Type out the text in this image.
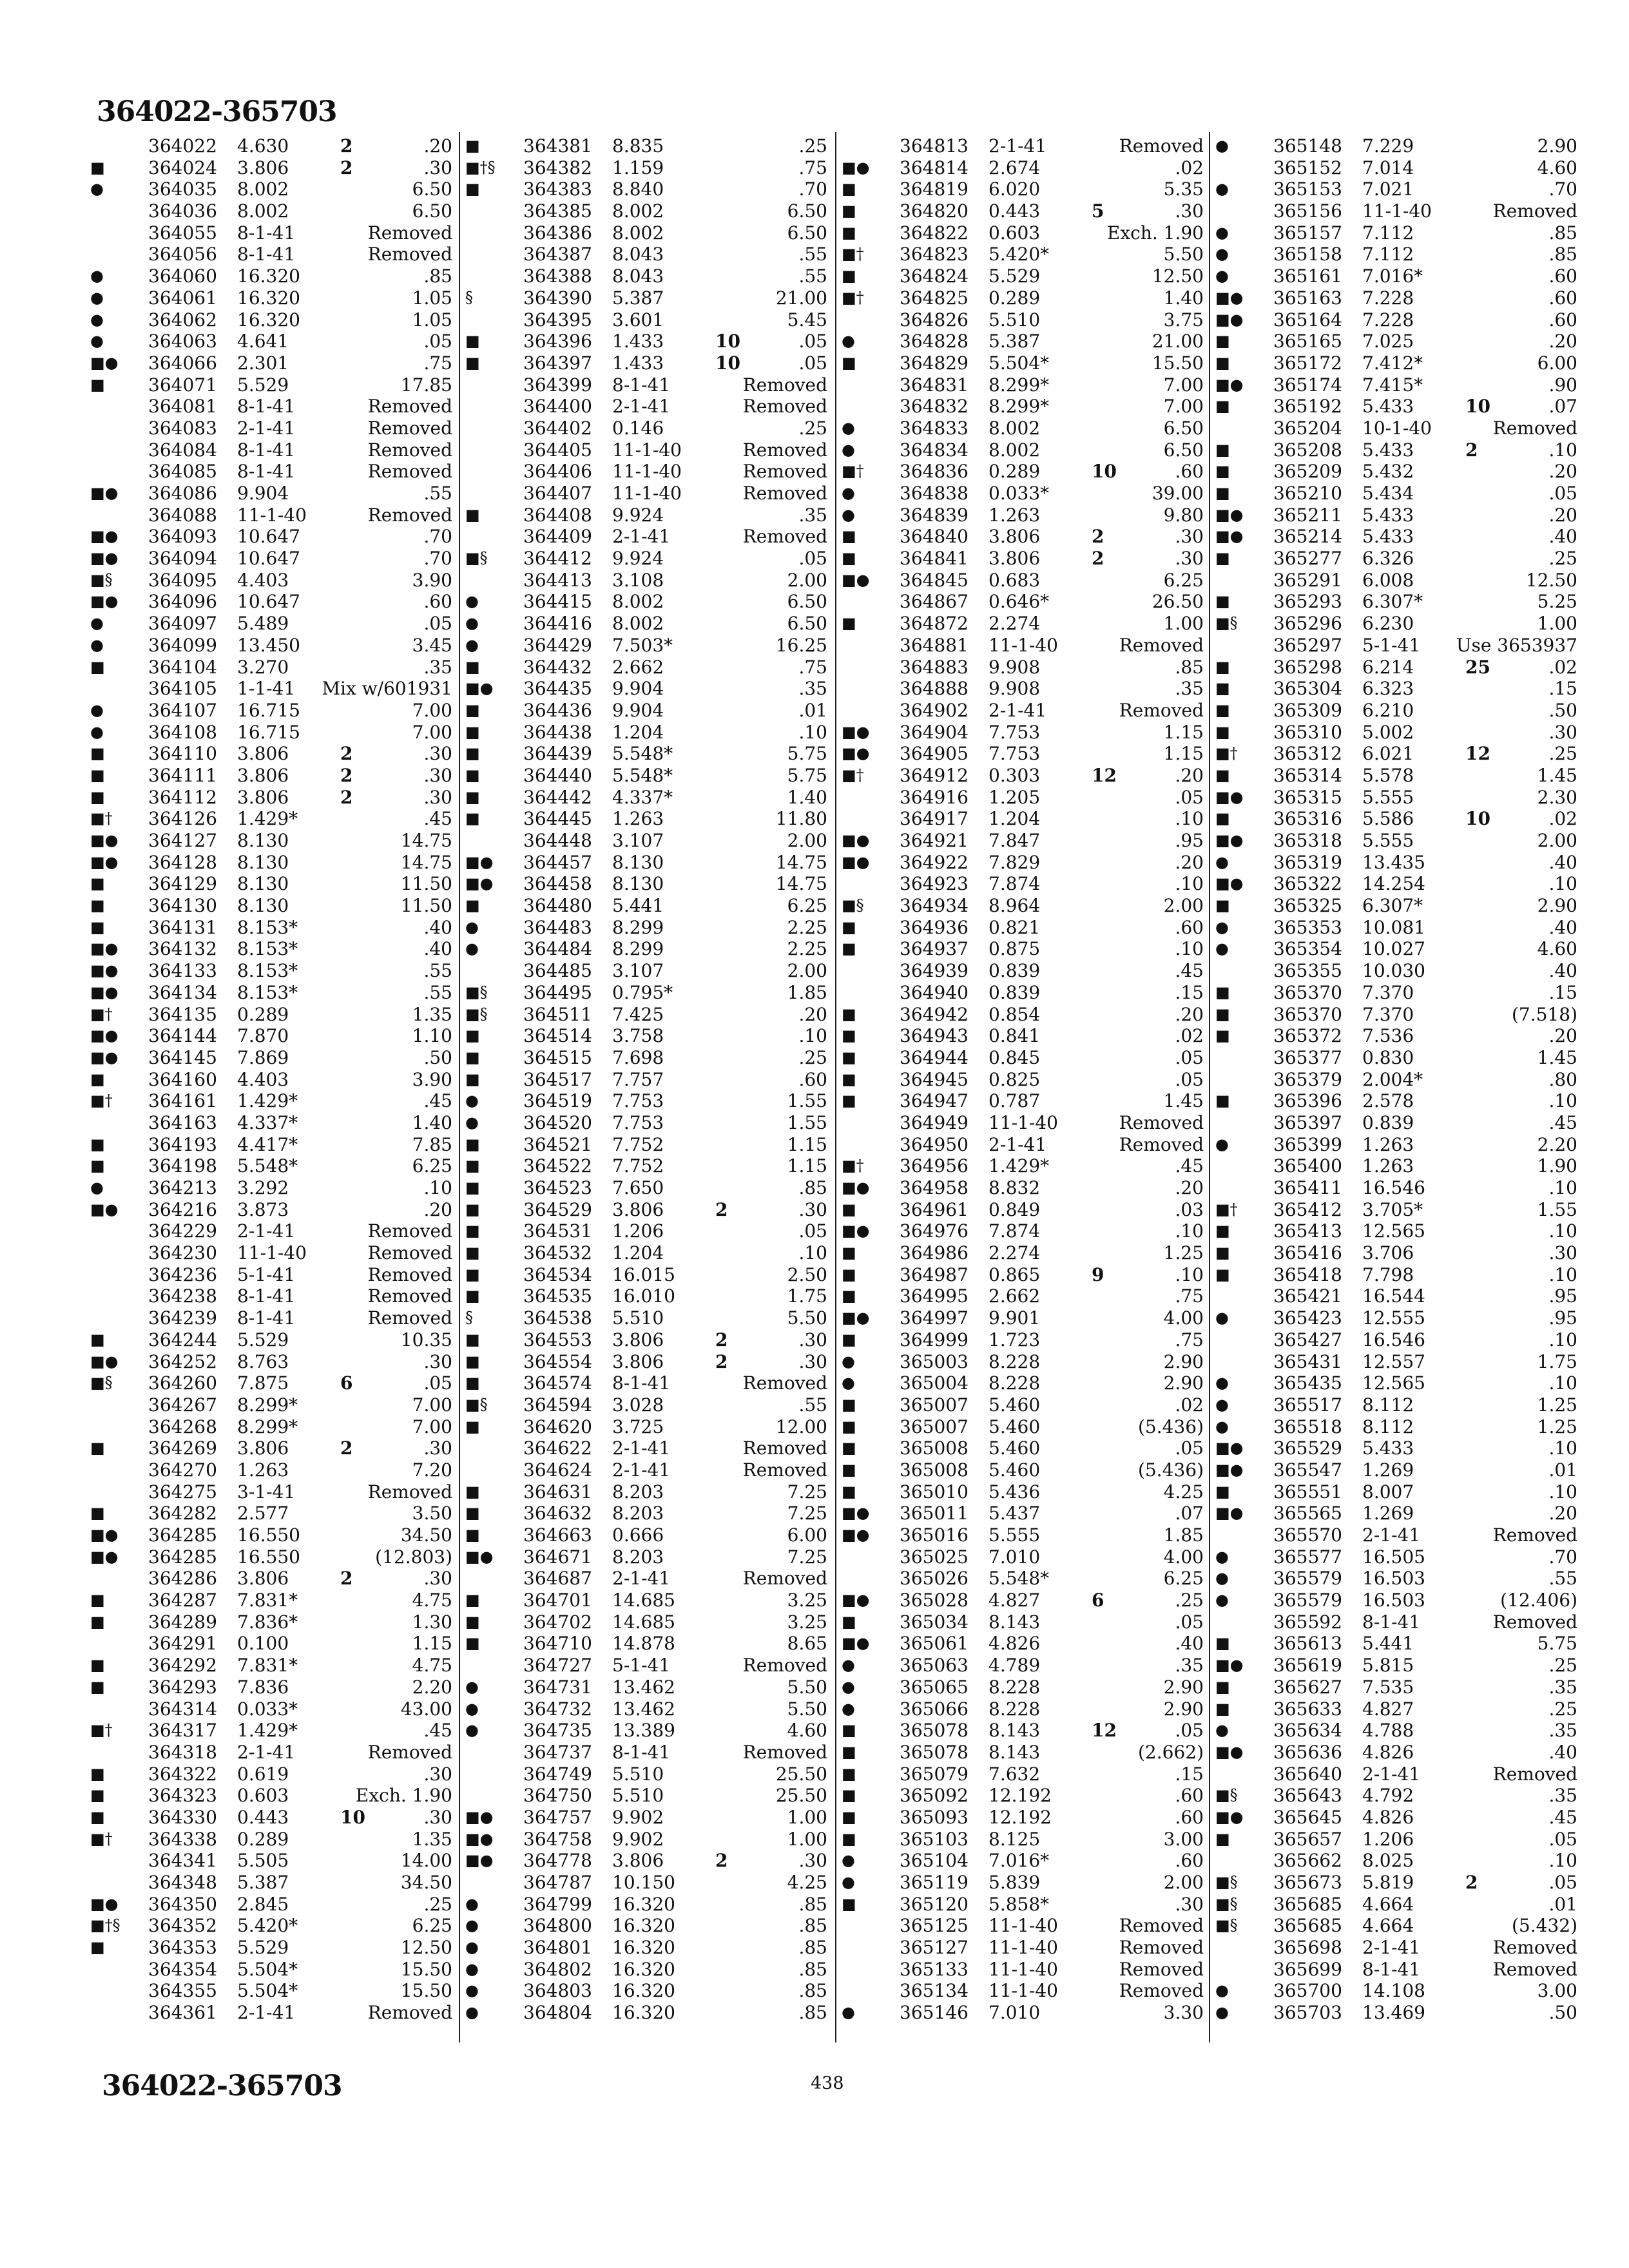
364022-365703
364022 4.630	2	.20
■	364024 3.806	2	.30
●	364035 8.002	6.50
364036 8.002	6.50
364055 8-1-41	Removed
364056 8-1-41	Removed
●	364060 16.320	.85
●	364061 16.320	1.05
●	364062 16.320	1.05
●	364063 4.641	.05
■●	364066 2.301	.75
■	364071 5.529	17.85
364081 8-1-41	Removed
364083 2-1-41	Removed
364084 8-1-41	Removed
364085 8-1-41	Removed
■●	364086 9.904	.55
364088 11-1-40	Removed
■●	364093 10.647	.70
■●	364094 10.647	.70
■§	364095 4.403	3.90
■●	364096 10.647	.60
●	364097 5.489	.05
●	364099 13.450	3.45
■	364104 3.270	.35
364105 1-1-41 Mix w/601931
●	364107 16.715	7.00
●	364108 16.715	7.00
■	364110 3.806	2	.30
■	364111 3.806	2	.30
■	364112 3.806	2	.30
■†	364126 1.429*	.45
■●	364127 8.130	14.75
■●	364128 8.130	14.75
■	364129 8.130	11.50
■	364130 8.130	11.50
■	364131 8.153*	.40
■●	364132 8.153*	.40
■●	364133 8.153*	.55
■●	364134 8.153*	.55
■†	364135 0.289	1.35
■●	364144 7.870	1.10
■●	364145 7.869	.50
■	364160 4.403	3.90
■†	364161 1.429*	.45
364163 4.337*	1.40
■	364193 4.417*	7.85
■	364198 5.548*	6.25
●	364213 3.292	.10
■●	364216 3.873	.20
364229 2-1-41	Removed
364230 11-1-40	Removed
364236 5-1-41	Removed
364238 8-1-41	Removed
364239 8-1-41	Removed
■	364244 5.529	10.35
■●	364252 8.763	.30
■§	364260 7.875	6	.05
364267 8.299*	7.00
364268 8.299*	7.00
■	364269 3.806	2	.30
364270 1.263	7.20
364275 3-1-41	Removed
■	364282 2.577	3.50
■●	364285 16.550	34.50
■●	364285 16.550	(12.803)
364286 3.806	2	.30
■	364287 7.831*	4.75
■	364289 7.836*	1.30
364291 0.100	1.15
■	364292 7.831*	4.75
■	364293 7.836	2.20
364314 0.033*	43.00
■†	364317 1.429*	.45
364318 2-1-41	Removed
■	364322 0.619	.30
■	364323 0.603	Exch. 1.90
■	364330 0.443	10	.30
■†	364338 0.289	1.35
364341 5.505	14.00
364348 5.387	34.50
■●	364350 2.845	.25
■†§	364352 5.420*	6.25
■	364353 5.529	12.50
364354 5.504*	15.50
364355 5.504*	15.50
364361 2-1-41	Removed
■	364381 8.835	.25
■†§	364382 1.159	.75
■	364383 8.840	.70
364385 8.002	6.50
364386 8.002	6.50
364387 8.043	.55
364388 8.043	.55
§	364390 5.387	21.00
364395 3.601	5.45
■	364396 1.433	10	.05
■	364397 1.433	10	.05
364399 8-1-41	Removed
364400 2-1-41	Removed
364402 0.146	.25
364405 11-1-40	Removed
364406 11-1-40	Removed
364407 11-1-40	Removed
■	364408 9.924	.35
364409 2-1-41	Removed
■§	364412 9.924	.05
364413 3.108	2.00
●	364415 8.002	6.50
●	364416 8.002	6.50
●	364429 7.503*	16.25
■	364432 2.662	.75
■●	364435 9.904	.35
■	364436 9.904	.01
■	364438 1.204	.10
■	364439 5.548*	5.75
■	364440 5.548*	5.75
■	364442 4.337*	1.40
■	364445 1.263	11.80
364448 3.107	2.00
■●	364457 8.130	14.75
■●	364458 8.130	14.75
■	364480 5.441	6.25
●	364483 8.299	2.25
●	364484 8.299	2.25
364485 3.107	2.00
■§	364495 0.795*	1.85
■§	364511 7.425	.20
■	364514 3.758	.10
■	364515 7.698	.25
■	364517 7.757	.60
●	364519 7.753	1.55
●	364520 7.753	1.55
■	364521 7.752	1.15
■	364522 7.752	1.15
■	364523 7.650	.85
■	364529 3.806	2	.30
■	364531 1.206	.05
■	364532 1.204	.10
■	364534 16.015	2.50
■	364535 16.010	1.75
§	364538 5.510	5.50
■	364553 3.806	2	.30
■	364554 3.806	2	.30
■	364574 8-1-41	Removed
■§	364594 3.028	.55
■	364620 3.725	12.00
364622 2-1-41	Removed
364624 2-1-41	Removed
■	364631 8.203	7.25
■	364632 8.203	7.25
■	364663 0.666	6.00
■●	364671 8.203	7.25
364687 2-1-41	Removed
■	364701 14.685	3.25
■	364702 14.685	3.25
■	364710 14.878	8.65
364727 5-1-41	Removed
●	364731 13.462	5.50
●	364732 13.462	5.50
●	364735 13.389	4.60
364737 8-1-41	Removed
364749 5.510	25.50
364750 5.510	25.50
■●	364757 9.902	1.00
■●	364758 9.902	1.00
■●	364778 3.806	2	.30
364787 10.150	4.25
●	364799 16.320	.85
●	364800 16.320	.85
●	364801 16.320	.85
●	364802 16.320	.85
●	364803 16.320	.85
●	364804 16.320	.85
364813 2-1-41	Removed
■●	364814 2.674	.02
■	364819 6.020	5.35
■	364820 0.443	5	.30
■	364822 0.603	Exch. 1.90
■†	364823 5.420*	5.50
■	364824 5.529	12.50
■†	364825 0.289	1.40
364826 5.510	3.75
●	364828 5.387	21.00
■	364829 5.504*	15.50
364831 8.299*	7.00
364832 8.299*	7.00
●	364833 8.002	6.50
●	364834 8.002	6.50
■†	364836 0.289	10	.60
●	364838 0.033*	39.00
●	364839 1.263	9.80
■	364840 3.806	2	.30
■	364841 3.806	2	.30
■●	364845 0.683	6.25
364867 0.646*	26.50
■	364872 2.274	1.00
364881 11-1-40	Removed
364883 9.908	.85
364888 9.908	.35
364902 2-1-41	Removed
■●	364904 7.753	1.15
■●	364905 7.753	1.15
■†	364912 0.303	12	.20
364916 1.205	.05
364917 1.204	.10
■●	364921 7.847	.95
■●	364922 7.829	.20
364923 7.874	.10
■§	364934 8.964	2.00
■	364936 0.821	.60
■	364937 0.875	.10
364939 0.839	.45
364940 0.839	.15
■	364942 0.854	.20
■	364943 0.841	.02
■	364944 0.845	.05
■	364945 0.825	.05
■	364947 0.787	1.45
364949 11-1-40	Removed
364950 2-1-41	Removed
■†	364956 1.429*	.45
■●	364958 8.832	.20
■	364961 0.849	.03
■●	364976 7.874	.10
■	364986 2.274	1.25
■	364987 0.865	9	.10
■	364995 2.662	.75
■●	364997 9.901	4.00
■	364999 1.723	.75
●	365003 8.228	2.90
●	365004 8.228	2.90
■	365007 5.460	.02
■	365007 5.460	(5.436)
■	365008 5.460	.05
■	365008 5.460	(5.436)
■	365010 5.436	4.25
■●	365011 5.437	.07
■●	365016 5.555	1.85
365025 7.010	4.00
365026 5.548*	6.25
■●	365028 4.827	6	.25
■	365034 8.143	.05
■●	365061 4.826	.40
●	365063 4.789	.35
●	365065 8.228	2.90
●	365066 8.228	2.90
■	365078 8.143	12	.05
■	365078 8.143	(2.662)
■	365079 7.632	.15
■	365092 12.192	.60
■	365093 12.192	.60
■	365103 8.125	3.00
●	365104 7.016*	.60
●	365119 5.839	2.00
■	365120 5.858*	.30
365125 11-1-40	Removed
365127 11-1-40	Removed
365133 11-1-40	Removed
365134 11-1-40	Removed
●	365146 7.010	3.30
●	365148 7.229	2.90
365152 7.014	4.60
●	365153 7.021	.70
365156 11-1-40	Removed
●	365157 7.112	.85
●	365158 7.112	.85
●	365161 7.016*	.60
■●	365163 7.228	.60
■●	365164 7.228	.60
■	365165 7.025	.20
■	365172 7.412*	6.00
■●	365174 7.415*	.90
■	365192 5.433	10	.07
365204 10-1-40	Removed
■	365208 5.433	2	.10
■	365209 5.432	.20
■	365210 5.434	.05
■●	365211 5.433	.20
■●	365214 5.433	.40
■	365277 6.326	.25
365291 6.008	12.50
■	365293 6.307*	5.25
■§	365296 6.230	1.00
365297 5-1-41 Use 3653937
■	365298 6.214	25	.02
■	365304 6.323	.15
■	365309 6.210	.50
■	365310 5.002	.30
■†	365312 6.021	12	.25
■	365314 5.578	1.45
■●	365315 5.555	2.30
■	365316 5.586	10	.02
■●	365318 5.555	2.00
●	365319 13.435	.40
■●	365322 14.254	.10
■	365325 6.307*	2.90
●	365353 10.081	.40
●	365354 10.027	4.60
365355 10.030	.40
■	365370 7.370	.15
■	365370 7.370	(7.518)
■	365372 7.536	.20
365377 0.830	1.45
365379 2.004*	.80
■	365396 2.578	.10
365397 0.839	.45
●	365399 1.263	2.20
365400 1.263	1.90
365411 16.546	.10
■†	365412 3.705*	1.55
■	365413 12.565	.10
■	365416 3.706	.30
■	365418 7.798	.10
365421 16.544	.95
●	365423 12.555	.95
365427 16.546	.10
365431 12.557	1.75
●	365435 12.565	.10
●	365517 8.112	1.25
●	365518 8.112	1.25
■●	365529 5.433	.10
■●	365547 1.269	.01
■	365551 8.007	.10
■●	365565 1.269	.20
365570 2-1-41	Removed
●	365577 16.505	.70
●	365579 16.503	.55
●	365579 16.503	(12.406)
365592 8-1-41	Removed
■	365613 5.441	5.75
■●	365619 5.815	.25
■	365627 7.535	.35
■	365633 4.827	.25
●	365634 4.788	.35
■●	365636 4.826	.40
365640 2-1-41	Removed
■§	365643 4.792	.35
■●	365645 4.826	.45
■	365657 1.206	.05
365662 8.025	.10
■§	365673 5.819	2	.05
■§	365685 4.664	.01
■§	365685 4.664	(5.432)
365698 2-1-41	Removed
365699 8-1-41	Removed
●	365700 14.108	3.00
●	365703 13.469	.50
364022-365703	438
